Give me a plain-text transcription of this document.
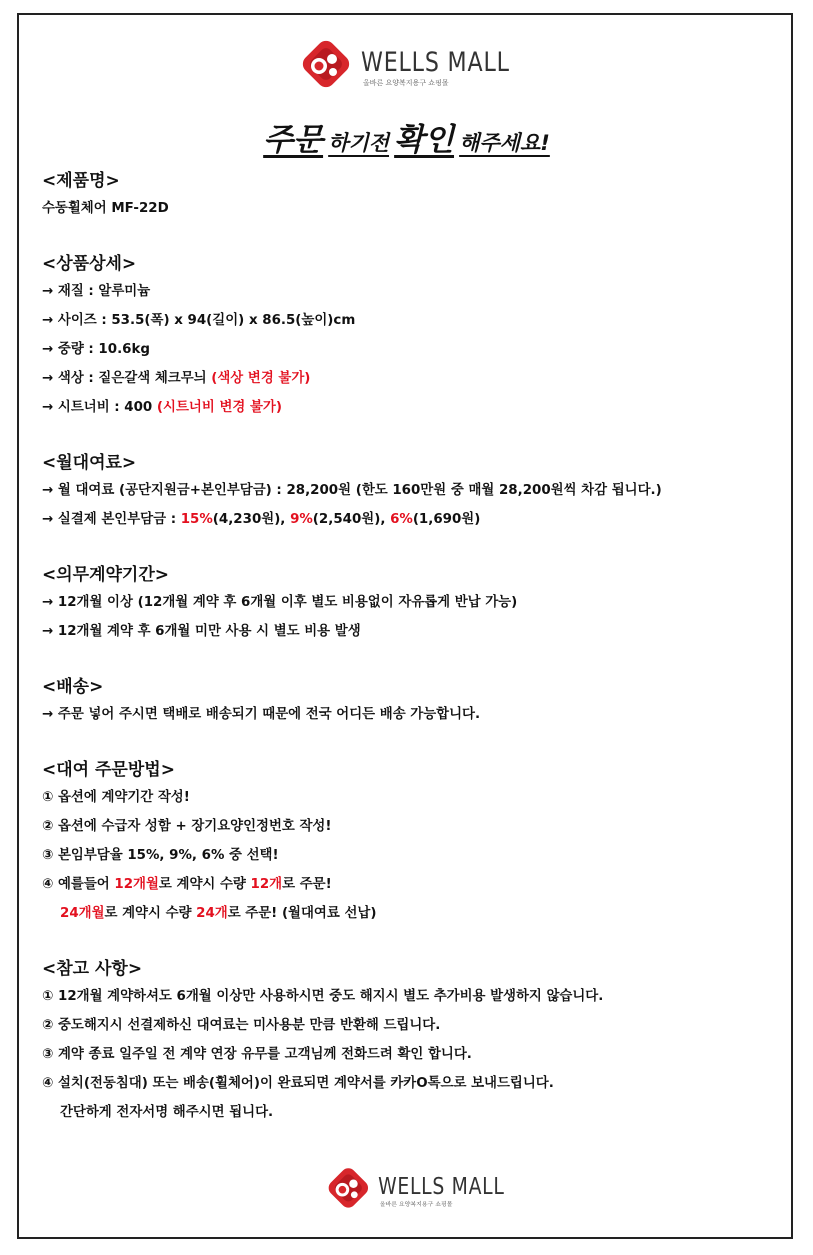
WELLS MALL
올바른 요양복지용구 쇼핑몰
주문 하기전 확인 해주세요!
<제품명>
수동휠체어 MF-22D
<상품상세>
→ 재질 : 알루미늄
→ 사이즈 : 53.5(폭) x 94(길이) x 86.5(높이)cm
→ 중량 : 10.6kg
→ 색상 : 짙은갈색 체크무늬 (색상 변경 불가)
→ 시트너비 : 400 (시트너비 변경 불가)
<월대여료>
→ 월 대여료 (공단지원금+본인부담금) : 28,200원 (한도 160만원 중 매월 28,200원씩 차감 됩니다.)
→ 실결제 본인부담금 : 15%(4,230원), 9%(2,540원), 6%(1,690원)
<의무계약기간>
→ 12개월 이상 (12개월 계약 후 6개월 이후 별도 비용없이 자유롭게 반납 가능)
→ 12개월 계약 후 6개월 미만 사용 시 별도 비용 발생
<배송>
→ 주문 넣어 주시면 택배로 배송되기 때문에 전국 어디든 배송 가능합니다.
<대여 주문방법>
① 옵션에 계약기간 작성!
② 옵션에 수급자 성함 + 장기요양인정번호 작성!
③ 본임부담율 15%, 9%, 6% 중 선택!
④ 예를들어 12개월로 계약시 수량 12개로 주문!
24개월로 계약시 수량 24개로 주문! (월대여료 선납)
<참고 사항>
① 12개월 계약하셔도 6개월 이상만 사용하시면 중도 해지시 별도 추가비용 발생하지 않습니다.
② 중도해지시 선결제하신 대여료는 미사용분 만큼 반환해 드립니다.
③ 계약 종료 일주일 전 계약 연장 유무를 고객님께 전화드려 확인 합니다.
④ 설치(전동침대) 또는 배송(휠체어)이 완료되면 계약서를 카카O톡으로 보내드립니다.
간단하게 전자서명 해주시면 됩니다.
WELLS MALL
올바른 요양복지용구 쇼핑몰
